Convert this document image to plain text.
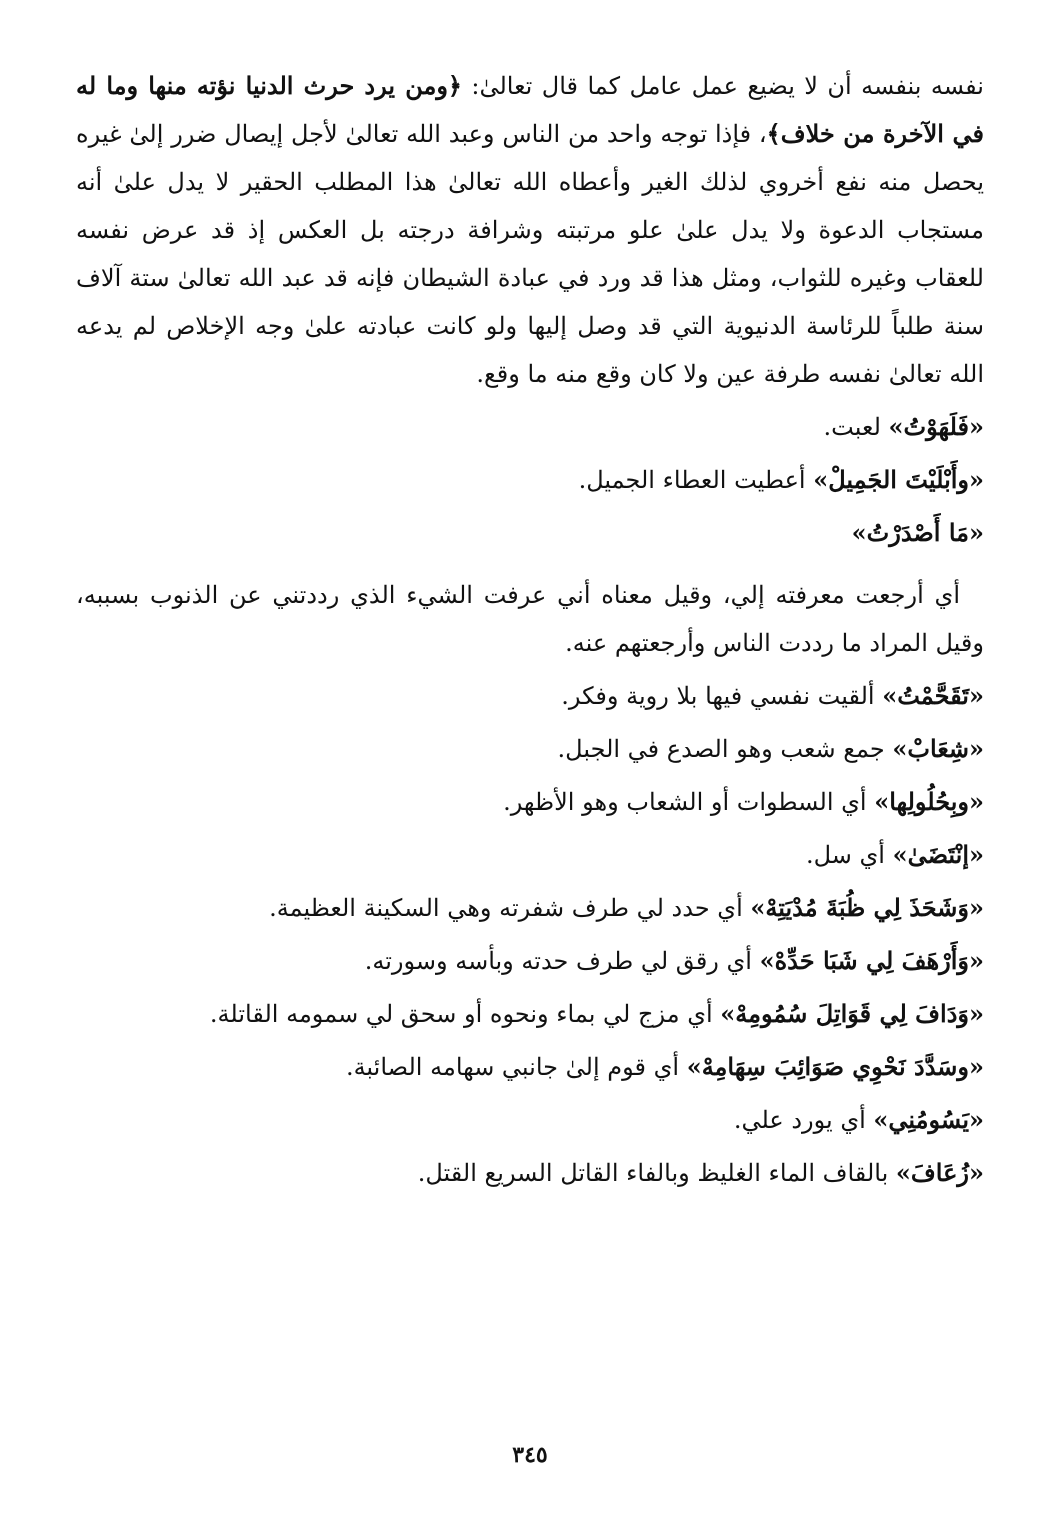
نفسه بنفسه أن لا يضيع عمل عامل كما قال تعالىٰ: ﴿ومن يرد حرث الدنيا نؤته منها وما له في الآخرة من خلاف﴾، فإذا توجه واحد من الناس وعبد الله تعالىٰ لأجل إيصال ضرر إلىٰ غيره يحصل منه نفع أخروي لذلك الغير وأعطاه الله تعالىٰ هذا المطلب الحقير لا يدل علىٰ أنه مستجاب الدعوة ولا يدل علىٰ علو مرتبته وشرافة درجته بل العكس إذ قد عرض نفسه للعقاب وغيره للثواب، ومثل هذا قد ورد في عبادة الشيطان فإنه قد عبد الله تعالىٰ ستة آلاف سنة طلباً للرئاسة الدنيوية التي قد وصل إليها ولو كانت عبادته علىٰ وجه الإخلاص لم يدعه الله تعالىٰ نفسه طرفة عين ولا كان وقع منه ما وقع.

«فَلَهَوْتُ» لعبت.

«وأَبْلَيْتَ الجَمِيلْ» أعطيت العطاء الجميل.

«مَا أَصْدَرْتُ»

أي أرجعت معرفته إلي، وقيل معناه أني عرفت الشيء الذي رددتني عن الذنوب بسببه، وقيل المراد ما رددت الناس وأرجعتهم عنه.

«تَقَحَّمْتُ» ألقيت نفسي فيها بلا روية وفكر.

«شِعَابْ» جمع شعب وهو الصدع في الجبل.

«وبِحُلُولِها» أي السطوات أو الشعاب وهو الأظهر.

«إنْتَضَىٰ» أي سل.

«وَشَحَذَ لِي ظُبَةَ مُدْيَتِهْ» أي حدد لي طرف شفرته وهي السكينة العظيمة.

«وَأَرْهَفَ لِي شَبَا حَدِّهْ» أي رقق لي طرف حدته وبأسه وسورته.

«وَدَافَ لِي قَوَاتِلَ سُمُومِهْ» أي مزج لي بماء ونحوه أو سحق لي سمومه القاتلة.

«وسَدَّدَ نَحْوِي صَوَائِبَ سِهَامِهْ» أي قوم إلىٰ جانبي سهامه الصائبة.

«يَسُومُنِي» أي يورد علي.

«زُعَافَ» بالقاف الماء الغليظ وبالفاء القاتل السريع القتل.

٣٤٥
